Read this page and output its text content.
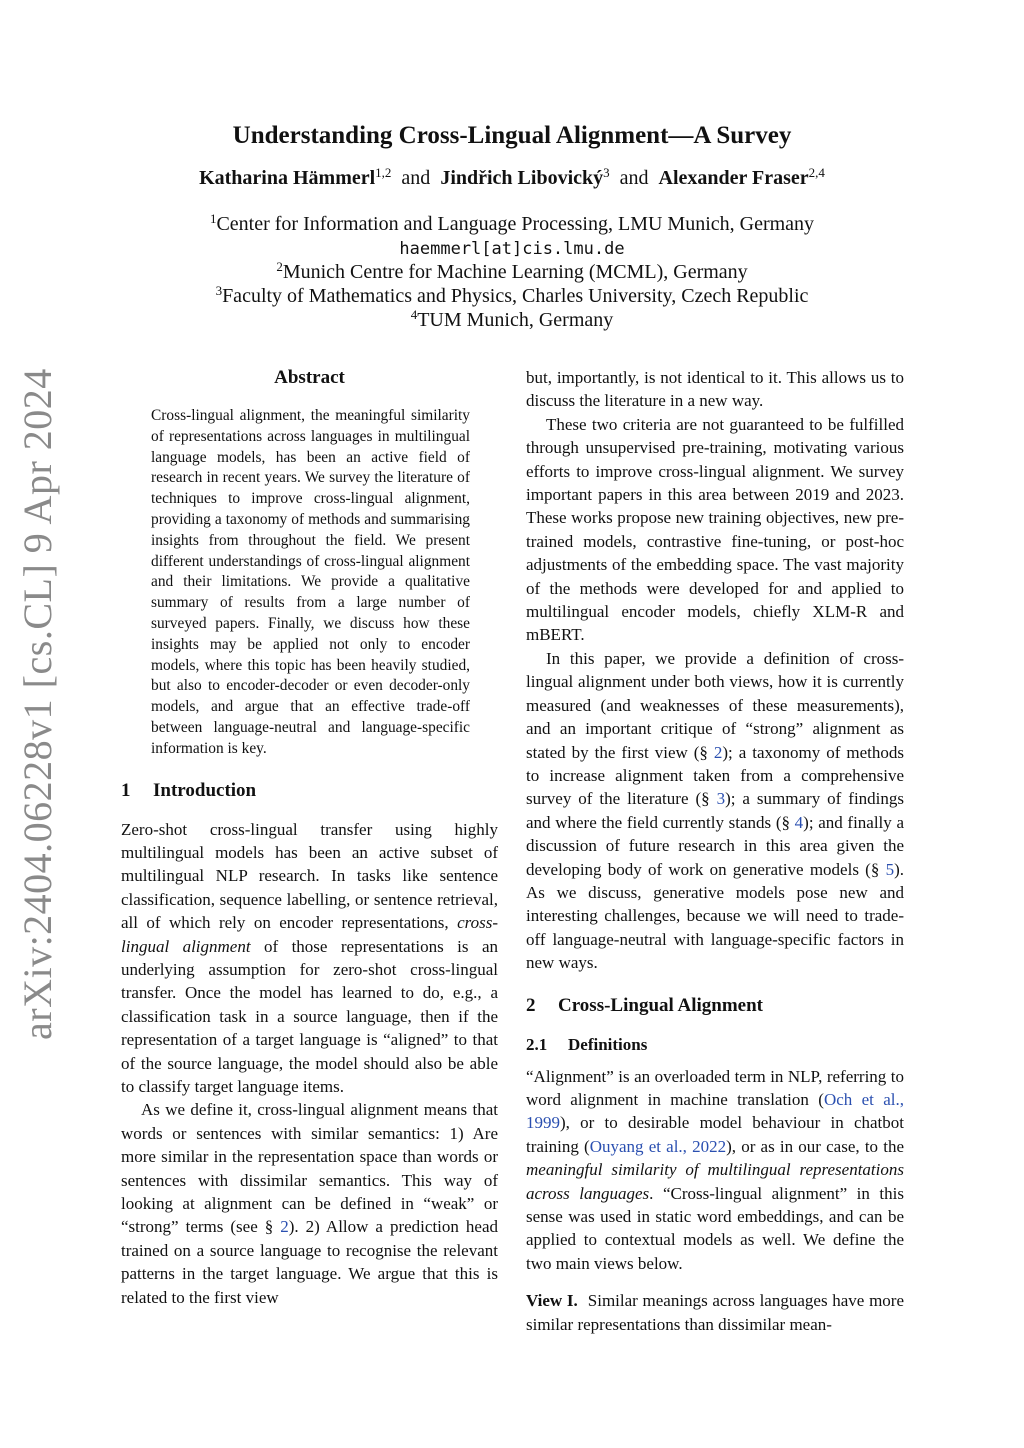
arXiv:2404.06228v1 [cs.CL] 9 Apr 2024
Understanding Cross-Lingual Alignment—A Survey
Katharina Hämmerl$^{1,2}$ and Jindřich Libovický$^3$ and Alexander Fraser$^{2,4}$
$^1$Center for Information and Language Processing, LMU Munich, Germany
haemmerl[at]cis.lmu.de
$^2$Munich Centre for Machine Learning (MCML), Germany
$^3$Faculty of Mathematics and Physics, Charles University, Czech Republic
$^4$TUM Munich, Germany
Abstract

Cross-lingual alignment, the meaningful similarity of representations across languages in multilingual language models, has been an active field of research in recent years. We survey the literature of techniques to improve cross-lingual alignment, providing a taxonomy of methods and summarising insights from throughout the field. We present different understandings of cross-lingual alignment and their limitations. We provide a qualitative summary of results from a large number of surveyed papers. Finally, we discuss how these insights may be applied not only to encoder models, where this topic has been heavily studied, but also to encoder-decoder or even decoder-only models, and argue that an effective trade-off between language-neutral and language-specific information is key.

1 Introduction

Zero-shot cross-lingual transfer using highly multilingual models has been an active subset of multilingual NLP research. In tasks like sentence classification, sequence labelling, or sentence retrieval, all of which rely on encoder representations, cross-lingual alignment of those representations is an underlying assumption for zero-shot cross-lingual transfer. Once the model has learned to do, e.g., a classification task in a source language, then if the representation of a target language is “aligned” to that of the source language, the model should also be able to classify target language items.

As we define it, cross-lingual alignment means that words or sentences with similar semantics: 1) Are more similar in the representation space than words or sentences with dissimilar semantics. This way of looking at alignment can be defined in “weak” or “strong” terms (see § 2). 2) Allow a prediction head trained on a source language to recognise the relevant patterns in the target language. We argue that this is related to the first view

but, importantly, is not identical to it. This allows us to discuss the literature in a new way.

These two criteria are not guaranteed to be fulfilled through unsupervised pre-training, motivating various efforts to improve cross-lingual alignment. We survey important papers in this area between 2019 and 2023. These works propose new training objectives, new pre-trained models, contrastive fine-tuning, or post-hoc adjustments of the embedding space. The vast majority of the methods were developed for and applied to multilingual encoder models, chiefly XLM-R and mBERT.

In this paper, we provide a definition of cross-lingual alignment under both views, how it is currently measured (and weaknesses of these measurements), and an important critique of “strong” alignment as stated by the first view (§ 2); a taxonomy of methods to increase alignment taken from a comprehensive survey of the literature (§ 3); a summary of findings and where the field currently stands (§ 4); and finally a discussion of future research in this area given the developing body of work on generative models (§ 5). As we discuss, generative models pose new and interesting challenges, because we will need to trade-off language-neutral with language-specific factors in new ways.

2 Cross-Lingual Alignment
2.1 Definitions

“Alignment” is an overloaded term in NLP, referring to word alignment in machine translation (Och et al., 1999), or to desirable model behaviour in chatbot training (Ouyang et al., 2022), or as in our case, to the meaningful similarity of multilingual representations across languages. “Cross-lingual alignment” in this sense was used in static word embeddings, and can be applied to contextual models as well. We define the two main views below.

View I. Similar meanings across languages have more similar representations than dissimilar mean-
